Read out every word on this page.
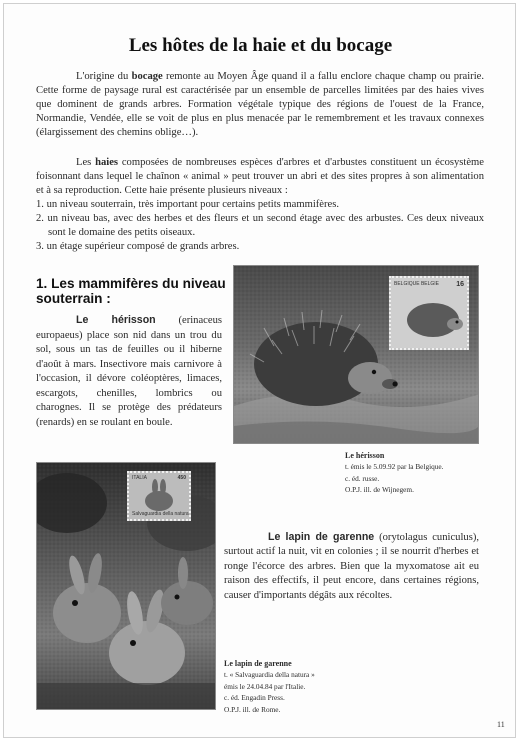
Les hôtes de la haie et du bocage
L'origine du bocage remonte au Moyen Âge quand il a fallu enclore chaque champ ou prairie. Cette forme de paysage rural est caractérisée par un ensemble de parcelles limitées par des haies vives que dominent de grands arbres. Formation végétale typique des régions de l'ouest de la France, Normandie, Vendée, elle se voit de plus en plus menacée par le remembrement et les travaux connexes (élargissement des chemins oblige…).
Les haies composées de nombreuses espèces d'arbres et d'arbustes constituent un écosystème foisonnant dans lequel le chaînon « animal » peut trouver un abri et des sites propres à son alimentation et à sa reproduction. Cette haie présente plusieurs niveaux :
1. un niveau souterrain, très important pour certains petits mammifères.
2. un niveau bas, avec des herbes et des fleurs et un second étage avec des arbustes. Ces deux niveaux sont le domaine des petits oiseaux.
3. un étage supérieur composé de grands arbres.
1. Les mammifères du niveau souterrain :
Le hérisson (erinaceus europaeus) place son nid dans un trou du sol, sous un tas de feuilles ou il hiberne d'août à mars. Insectivore mais carnivore à l'occasion, il dévore coléoptères, limaces, escargots, chenilles, lombrics ou charognes. Il se protège des prédateurs (renards) en se roulant en boule.
BELGIQUE BELGIE 16
Le hérisson
t. émis le 5.09.92 par la Belgique.
c. éd. russe.
O.P.J. ill. de Wijnegem.
ITALIA	450
Salvaguardia della natura
Le lapin de garenne (orytolagus cuniculus), surtout actif la nuit, vit en colonies ; il se nourrit d'herbes et ronge l'écorce des arbres. Bien que la myxomatose ait eu raison des effectifs, il peut encore, dans certaines régions, causer d'importants dégâts aux récoltes.
Le lapin de garenne
t. « Salvaguardia della natura »
émis le 24.04.84 par l'Italie.
c. éd. Engadin Press.
O.P.J. ill. de Rome.
11
